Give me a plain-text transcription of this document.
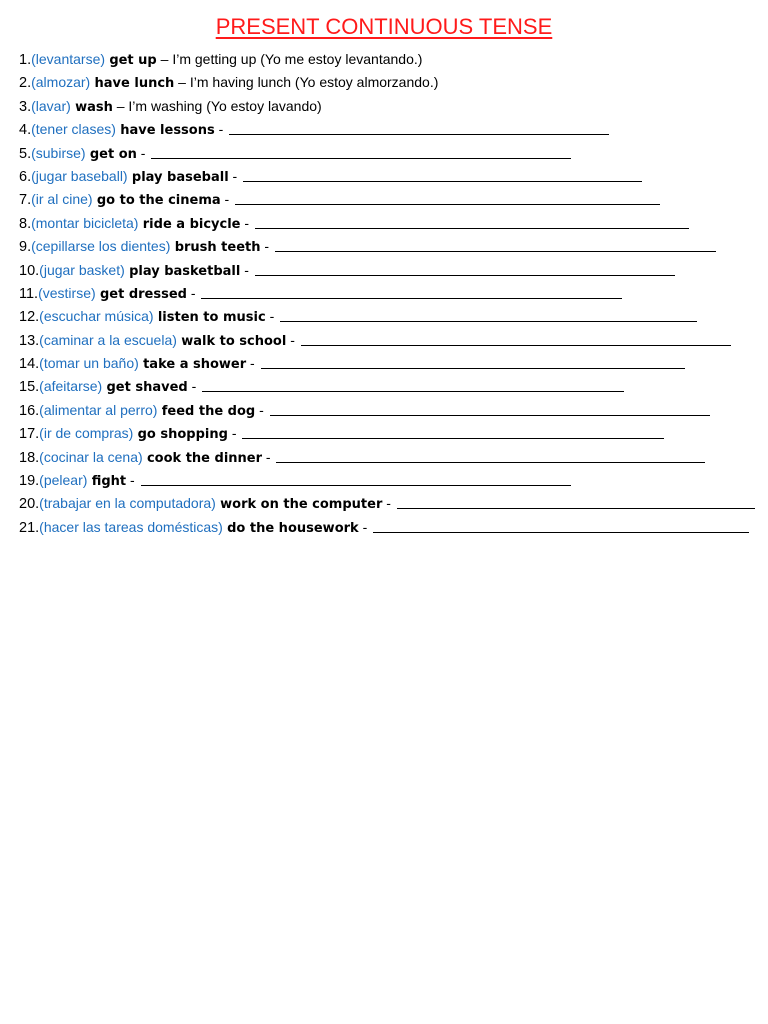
PRESENT CONTINUOUS TENSE
1. (levantarse)
get up – I’m getting up (Yo me estoy levantando.)
2. (almozar)
have lunch – I’m having lunch (Yo estoy almorzando.)
3. (lavar)
wash – I’m washing (Yo estoy lavando)
4. (tener clases)
have lessons -
5. (subirse)
get on -
6. (jugar baseball)
play baseball -
7. (ir al cine)
go to the cinema -
8. (montar bicicleta)
ride a bicycle -
9. (cepillarse los dientes)
brush teeth -
10. (jugar basket)
play basketball -
11. (vestirse)
get dressed -
12. (escuchar música)
listen to music -
13. (caminar a la escuela)
walk to school -
14. (tomar un baño)
take a shower -
15. (afeitarse)
get shaved -
16. (alimentar al perro)
feed the dog -
17. (ir de compras)
go shopping -
18. (cocinar la cena)
cook the dinner -
19. (pelear)
fight -
20. (trabajar en la computadora)
work on the computer -
21. (hacer las tareas domésticas)
do the housework -
